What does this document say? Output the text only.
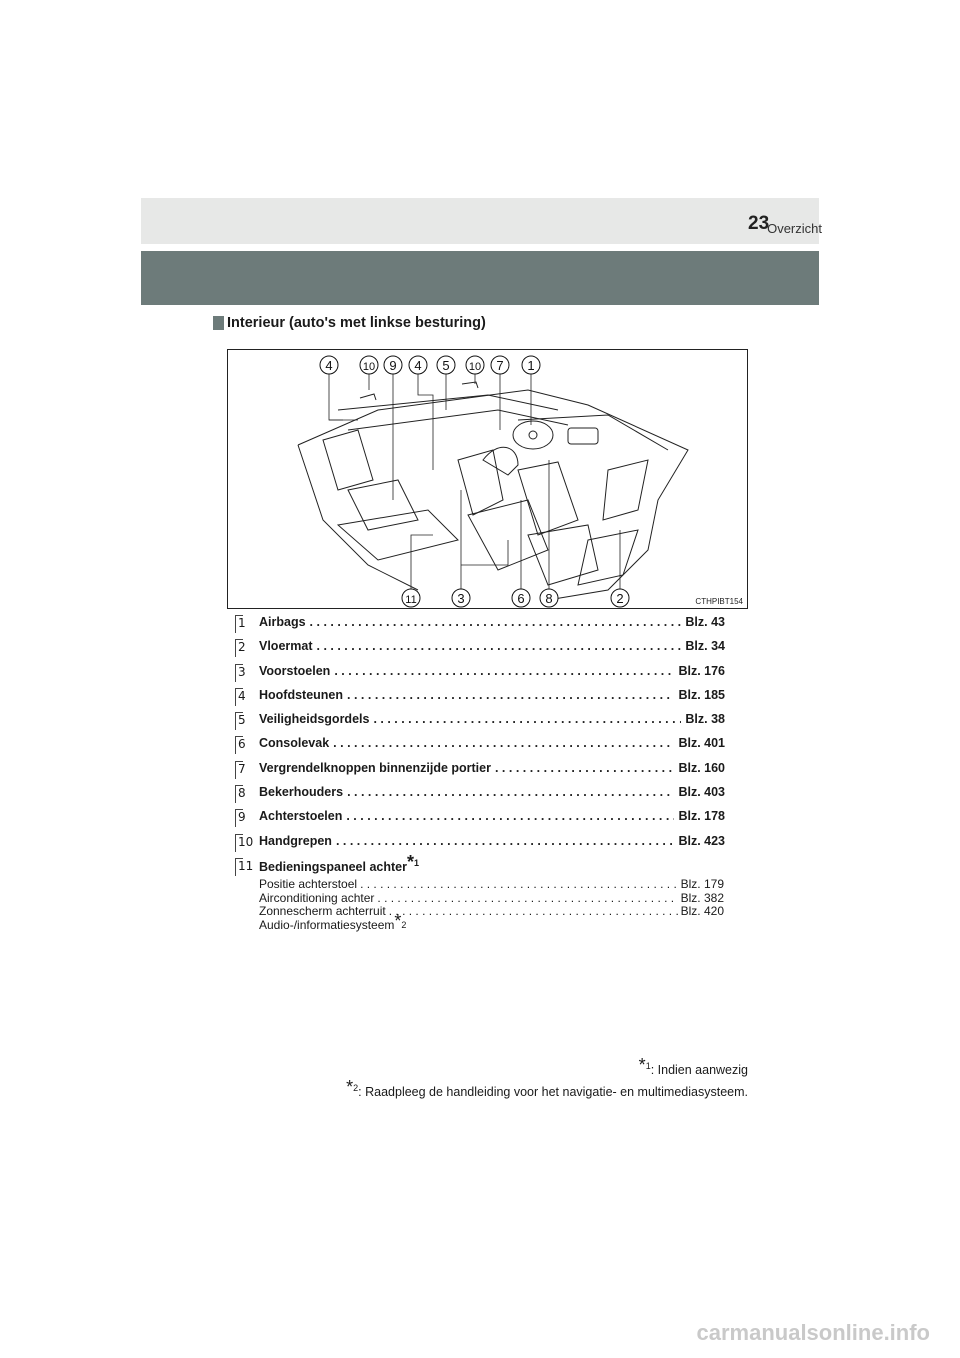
Overzicht
23
Interieur (auto's met linkse besturing)
4	10 9 4 5 10 7 1
11	3	6 8	2	CTHPIBT154
1 Airbags . . .	Blz. 43
2 Vloermat . . .	Blz. 34
3 Voorstoelen . . .	Blz. 176
4 Hoofdsteunen . . .	Blz. 185
5 Veiligheidsgordels . . .	Blz. 38
6 Consolevak . . .	Blz. 401
7 Vergrendelknoppen binnenzijde portier . . .	Blz. 160
8 Bekerhouders . . .	Blz. 403
9 Achterstoelen . . .	Blz. 178
10 Handgrepen . . .	Blz. 423
11 Bedieningspaneel achter$^{*1}$
Positie achterstoel . . .	Blz. 179
Airconditioning achter . . .	Blz. 382
Zonnescherm achterruit . . .	Blz. 420
Audio-/informatiesysteem* 2
$^{*1}$: Indien aanwezig
$^{*2}$: Raadpleeg de handleiding voor het navigatie- en multimediasysteem.
carmanualsonline.info
